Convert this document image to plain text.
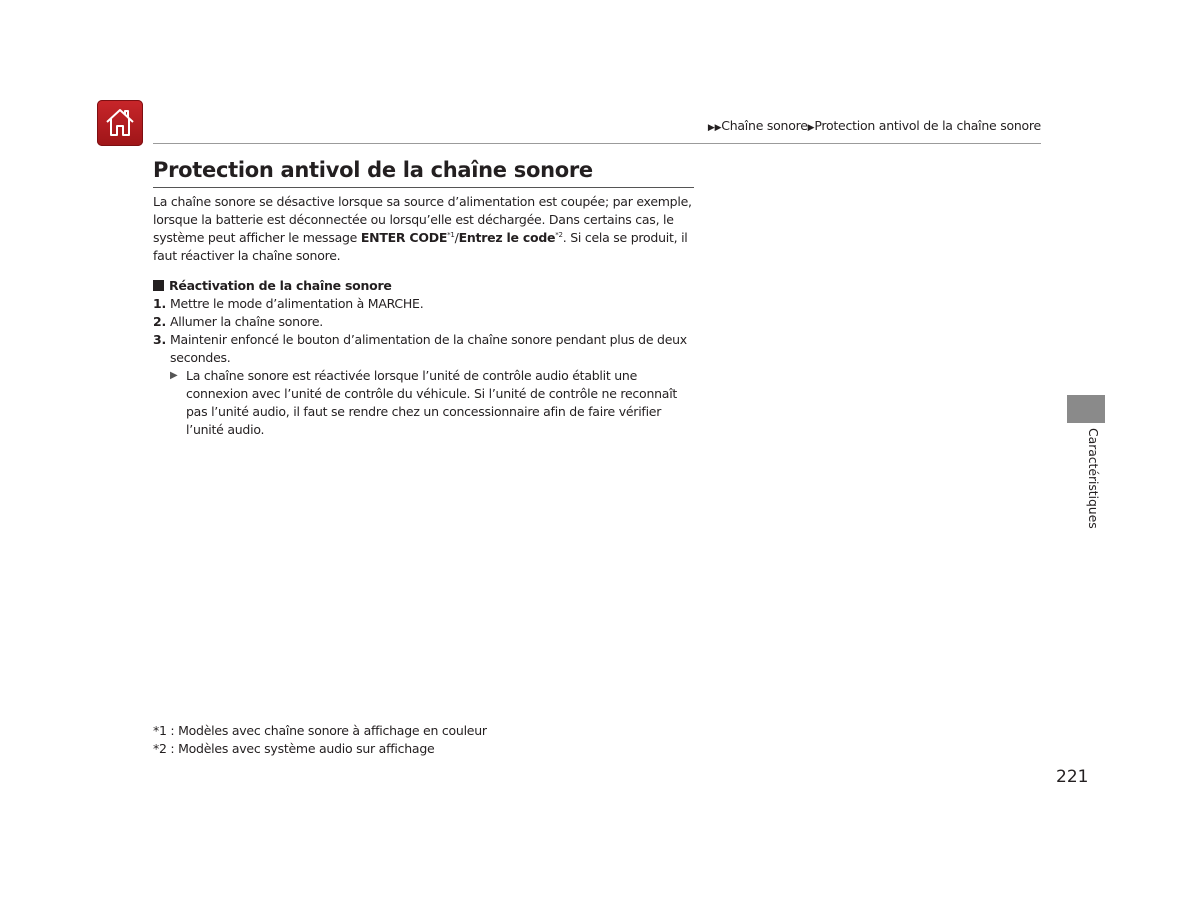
▶▶Chaîne sonore▶Protection antivol de la chaîne sonore
Protection antivol de la chaîne sonore
La chaîne sonore se désactive lorsque sa source d’alimentation est coupée; par exemple, lorsque la batterie est déconnectée ou lorsqu’elle est déchargée. Dans certains cas, le système peut afficher le message ENTER CODE$^{*1}$/Entrez le code$^{*2}$. Si cela se produit, il faut réactiver la chaîne sonore.
Réactivation de la chaîne sonore
1. Mettre le mode d’alimentation à MARCHE.
2. Allumer la chaîne sonore.
3. Maintenir enfoncé le bouton d’alimentation de la chaîne sonore pendant plus de deux secondes.
▶ La chaîne sonore est réactivée lorsque l’unité de contrôle audio établit une connexion avec l’unité de contrôle du véhicule. Si l’unité de contrôle ne reconnaît pas l’unité audio, il faut se rendre chez un concessionnaire afin de faire vérifier l’unité audio.
*1 : Modèles avec chaîne sonore à affichage en couleur
*2 : Modèles avec système audio sur affichage
221
Caractéristiques
